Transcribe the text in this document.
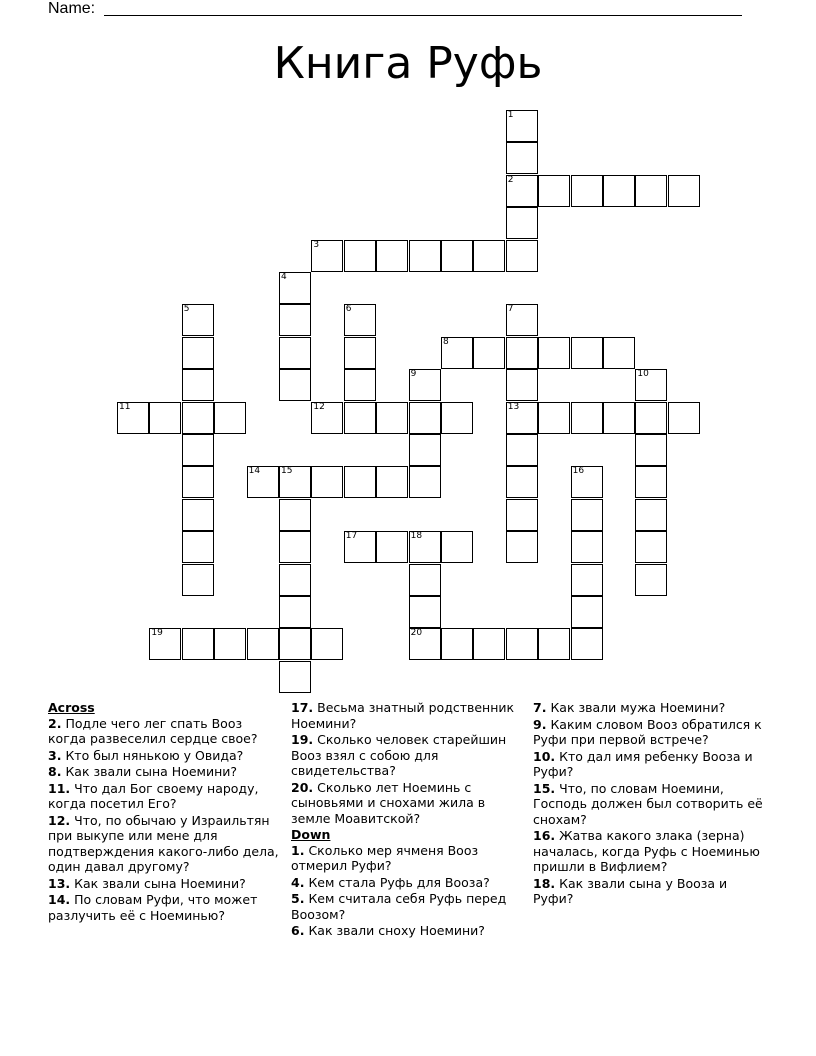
Name:
Книга Руфь
1
2
3
4
5	6	7
13
8
9	10
11	12
14 15	16
17	18
20
19
Across
2. Подле чего лег спать Вооз когда развеселил сердце свое?
3. Кто был нянькою у Овида?
8. Как звали сына Ноемини?
11. Что дал Бог своему народу, когда посетил Его?
12. Что, по обычаю у Израильтян при выкупе или мене для подтверждения какого-либо дела, один давал другому?
13. Как звали сына Ноемини?
14. По словам Руфи, что может разлучить её с Ноеминью?
17. Весьма знатный родственник Ноемини?
19. Сколько человек старейшин Вооз взял с собою для свидетельства?
20. Сколько лет Ноеминь с сыновьями и снохами жила в земле Моавитской?
Down
1. Сколько мер ячменя Вооз отмерил Руфи?
4. Кем стала Руфь для Вооза?
5. Кем считала себя Руфь перед Воозом?
6. Как звали сноху Ноемини?
7. Как звали мужа Ноемини?
9. Каким словом Вооз обратился к Руфи при первой встрече?
10. Кто дал имя ребенку Вооза и Руфи?
15. Что, по словам Ноемини, Господь должен был сотворить её снохам?
16. Жатва какого злака (зерна) началась, когда Руфь с Ноеминью пришли в Вифлием?
18. Как звали сына у Вооза и Руфи?
